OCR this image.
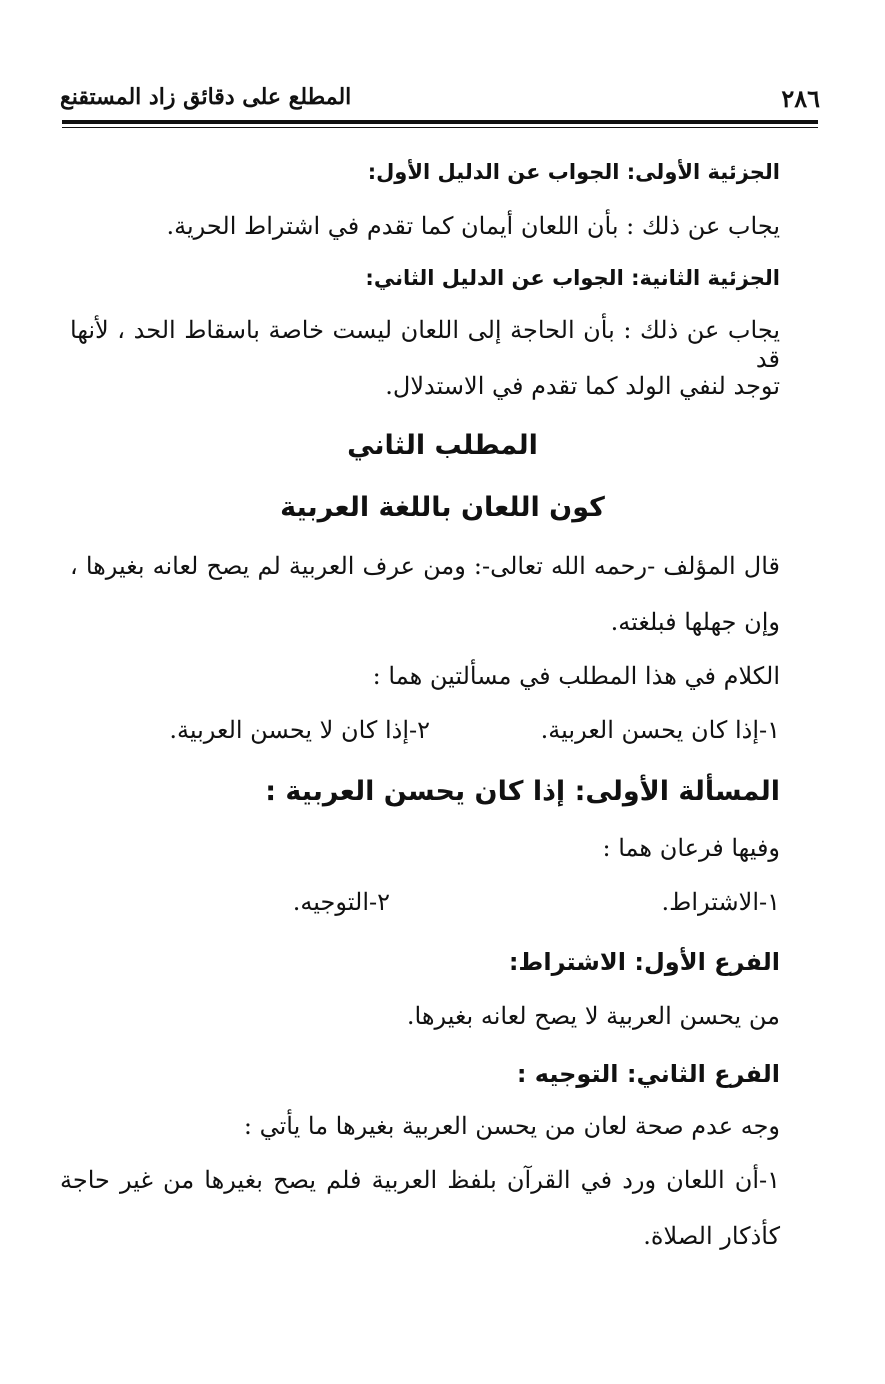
٢٨٦
المطلع على دقائق زاد المستقنع
الجزئية الأولى: الجواب عن الدليل الأول:
يجاب عن ذلك : بأن اللعان أيمان كما تقدم في اشتراط الحرية.
الجزئية الثانية: الجواب عن الدليل الثاني:
يجاب عن ذلك : بأن الحاجة إلى اللعان ليست خاصة باسقاط الحد ، لأنها قد
توجد لنفي الولد كما تقدم في الاستدلال.
المطلب الثاني
كون اللعان باللغة العربية
قال المؤلف -رحمه الله تعالى-: ومن عرف العربية لم يصح لعانه بغيرها ،
وإن جهلها فبلغته.
الكلام في هذا المطلب في مسألتين هما :
١-إذا كان يحسن العربية.
٢-إذا كان لا يحسن العربية.
المسألة الأولى: إذا كان يحسن العربية :
وفيها فرعان هما :
١-الاشتراط.
٢-التوجيه.
الفرع الأول: الاشتراط:
من يحسن العربية لا يصح لعانه بغيرها.
الفرع الثاني: التوجيه :
وجه عدم صحة لعان من يحسن العربية بغيرها ما يأتي :
١-أن اللعان ورد في القرآن بلفظ العربية فلم يصح بغيرها من غير حاجة
كأذكار الصلاة.
